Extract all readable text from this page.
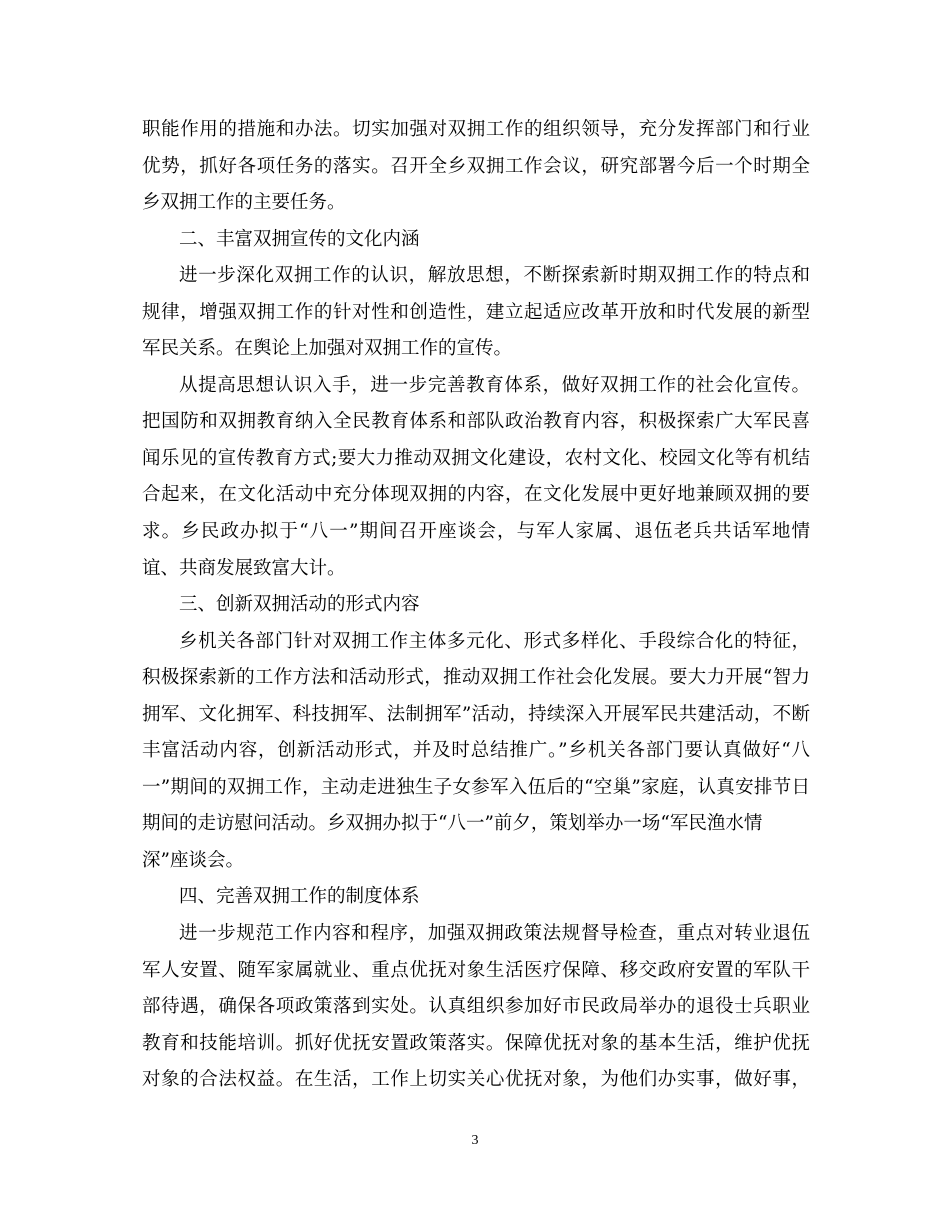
职能作用的措施和办法。切实加强对双拥工作的组织领导，充分发挥部门和行业
优势，抓好各项任务的落实。召开全乡双拥工作会议，研究部署今后一个时期全
乡双拥工作的主要任务。
二、丰富双拥宣传的文化内涵
进一步深化双拥工作的认识，解放思想，不断探索新时期双拥工作的特点和
规律，增强双拥工作的针对性和创造性，建立起适应改革开放和时代发展的新型
军民关系。在舆论上加强对双拥工作的宣传。
从提高思想认识入手，进一步完善教育体系，做好双拥工作的社会化宣传。
把国防和双拥教育纳入全民教育体系和部队政治教育内容，积极探索广大军民喜
闻乐见的宣传教育方式;要大力推动双拥文化建设，农村文化、校园文化等有机结
合起来，在文化活动中充分体现双拥的内容，在文化发展中更好地兼顾双拥的要
求。乡民政办拟于“八一”期间召开座谈会，与军人家属、退伍老兵共话军地情
谊、共商发展致富大计。
三、创新双拥活动的形式内容
乡机关各部门针对双拥工作主体多元化、形式多样化、手段综合化的特征，
积极探索新的工作方法和活动形式，推动双拥工作社会化发展。要大力开展“智力
拥军、文化拥军、科技拥军、法制拥军”活动，持续深入开展军民共建活动，不断
丰富活动内容，创新活动形式，并及时总结推广。”乡机关各部门要认真做好“八
一”期间的双拥工作，主动走进独生子女参军入伍后的“空巢”家庭，认真安排节日
期间的走访慰问活动。乡双拥办拟于“八一”前夕，策划举办一场“军民渔水情
深”座谈会。
四、完善双拥工作的制度体系
进一步规范工作内容和程序，加强双拥政策法规督导检查，重点对转业退伍
军人安置、随军家属就业、重点优抚对象生活医疗保障、移交政府安置的军队干
部待遇，确保各项政策落到实处。认真组织参加好市民政局举办的退役士兵职业
教育和技能培训。抓好优抚安置政策落实。保障优抚对象的基本生活，维护优抚
对象的合法权益。在生活，工作上切实关心优抚对象，为他们办实事，做好事，
3
